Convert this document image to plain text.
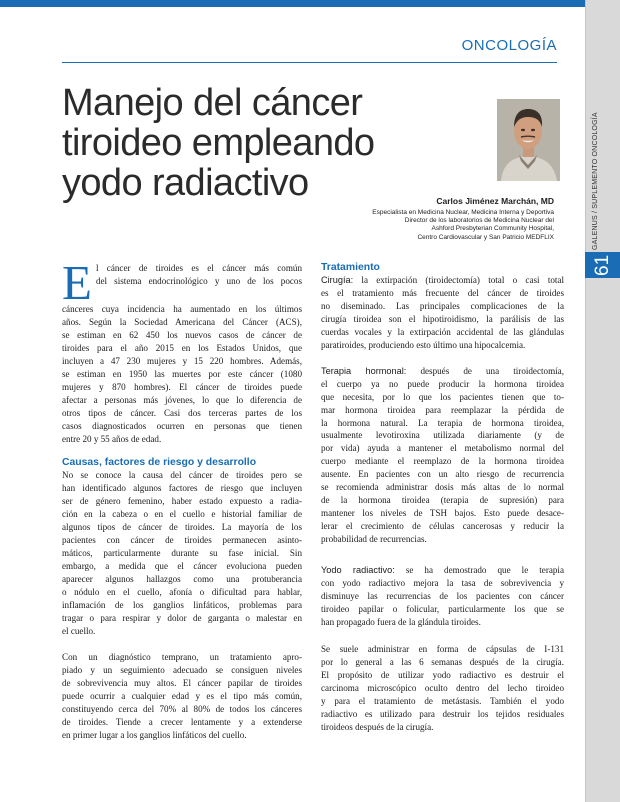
GALENUS / SUPLEMENTO ONCOLOGÍA
61
ONCOLOGÍA
Manejo del cáncer
tiroideo empleando
yodo radiactivo	Carlos Jiménez Marchán, MD
Especialista en Medicina Nuclear, Medicina Interna y Deportiva
Director de los laboratorios de Medicina Nuclear del
Ashford Presbyterian Community Hospital,
Centro Cardiovascular y San Patricio MEDFLIX
E l cáncer de tiroides es el cáncer más común
del sistema endocrinológico y uno de los pocos
cánceres cuya incidencia ha aumentado en los últimos
años. Según la Sociedad Americana del Cáncer (ACS),
se estiman en 62 450 los nuevos casos de cáncer de
tiroides para el año 2015 en los Estados Unidos, que
incluyen a 47 230 mujeres y 15 220 hombres. Además,
se estiman en 1950 las muertes por este cáncer (1080
mujeres y 870 hombres). El cáncer de tiroides puede
afectar a personas más jóvenes, lo que lo diferencia de
otros tipos de cáncer. Casi dos terceras partes de los
casos diagnosticados ocurren en personas que tienen
entre 20 y 55 años de edad.
Causas, factores de riesgo y desarrollo
No se conoce la causa del cáncer de tiroides pero se
han identificado algunos factores de riesgo que incluyen
ser de género femenino, haber estado expuesto a radia-
ción en la cabeza o en el cuello e historial familiar de
algunos tipos de cáncer de tiroides. La mayoría de los
pacientes con cáncer de tiroides permanecen asinto-
máticos, particularmente durante su fase inicial. Sin
embargo, a medida que el cáncer evoluciona pueden
aparecer algunos hallazgos como una protuberancia
o nódulo en el cuello, afonía o dificultad para hablar,
inflamación de los ganglios linfáticos, problemas para
tragar o para respirar y dolor de garganta o malestar en
el cuello.
Con un diagnóstico temprano, un tratamiento apro-
piado y un seguimiento adecuado se consiguen niveles
de sobrevivencia muy altos. El cáncer papilar de tiroides
puede ocurrir a cualquier edad y es el tipo más común,
constituyendo cerca del 70% al 80% de todos los cánceres
de tiroides. Tiende a crecer lentamente y a extenderse
en primer lugar a los ganglios linfáticos del cuello.
Tratamiento
Cirugía: la extirpación (tiroidectomía) total o casi total
es el tratamiento más frecuente del cáncer de tiroides
no diseminado. Las principales complicaciones de la
cirugía tiroidea son el hipotiroidismo, la parálisis de las
cuerdas vocales y la extirpación accidental de las glándulas
paratiroides, produciendo esto último una hipocalcemia.
Terapia hormonal: después de una tiroidectomía,
el cuerpo ya no puede producir la hormona tiroidea
que necesita, por lo que los pacientes tienen que to-
mar hormona tiroidea para reemplazar la pérdida de
la hormona natural. La terapia de hormona tiroidea,
usualmente levotiroxina utilizada diariamente (y de
por vida) ayuda a mantener el metabolismo normal del
cuerpo mediante el reemplazo de la hormona tiroidea
ausente. En pacientes con un alto riesgo de recurrencia
se recomienda administrar dosis más altas de lo normal
de la hormona tiroidea (terapia de supresión) para
mantener los niveles de TSH bajos. Esto puede desace-
lerar el crecimiento de células cancerosas y reducir la
probabilidad de recurrencias.
Yodo radiactivo: se ha demostrado que le terapia
con yodo radiactivo mejora la tasa de sobrevivencia y
disminuye las recurrencias de los pacientes con cáncer
tiroideo papilar o folicular, particularmente los que se
han propagado fuera de la glándula tiroides.
Se suele administrar en forma de cápsulas de I-131
por lo general a las 6 semanas después de la cirugía.
El propósito de utilizar yodo radiactivo es destruir el
carcinoma microscópico oculto dentro del lecho tiroideo
y para el tratamiento de metástasis. También el yodo
radiactivo es utilizado para destruir los tejidos residuales
tiroideos después de la cirugía.
